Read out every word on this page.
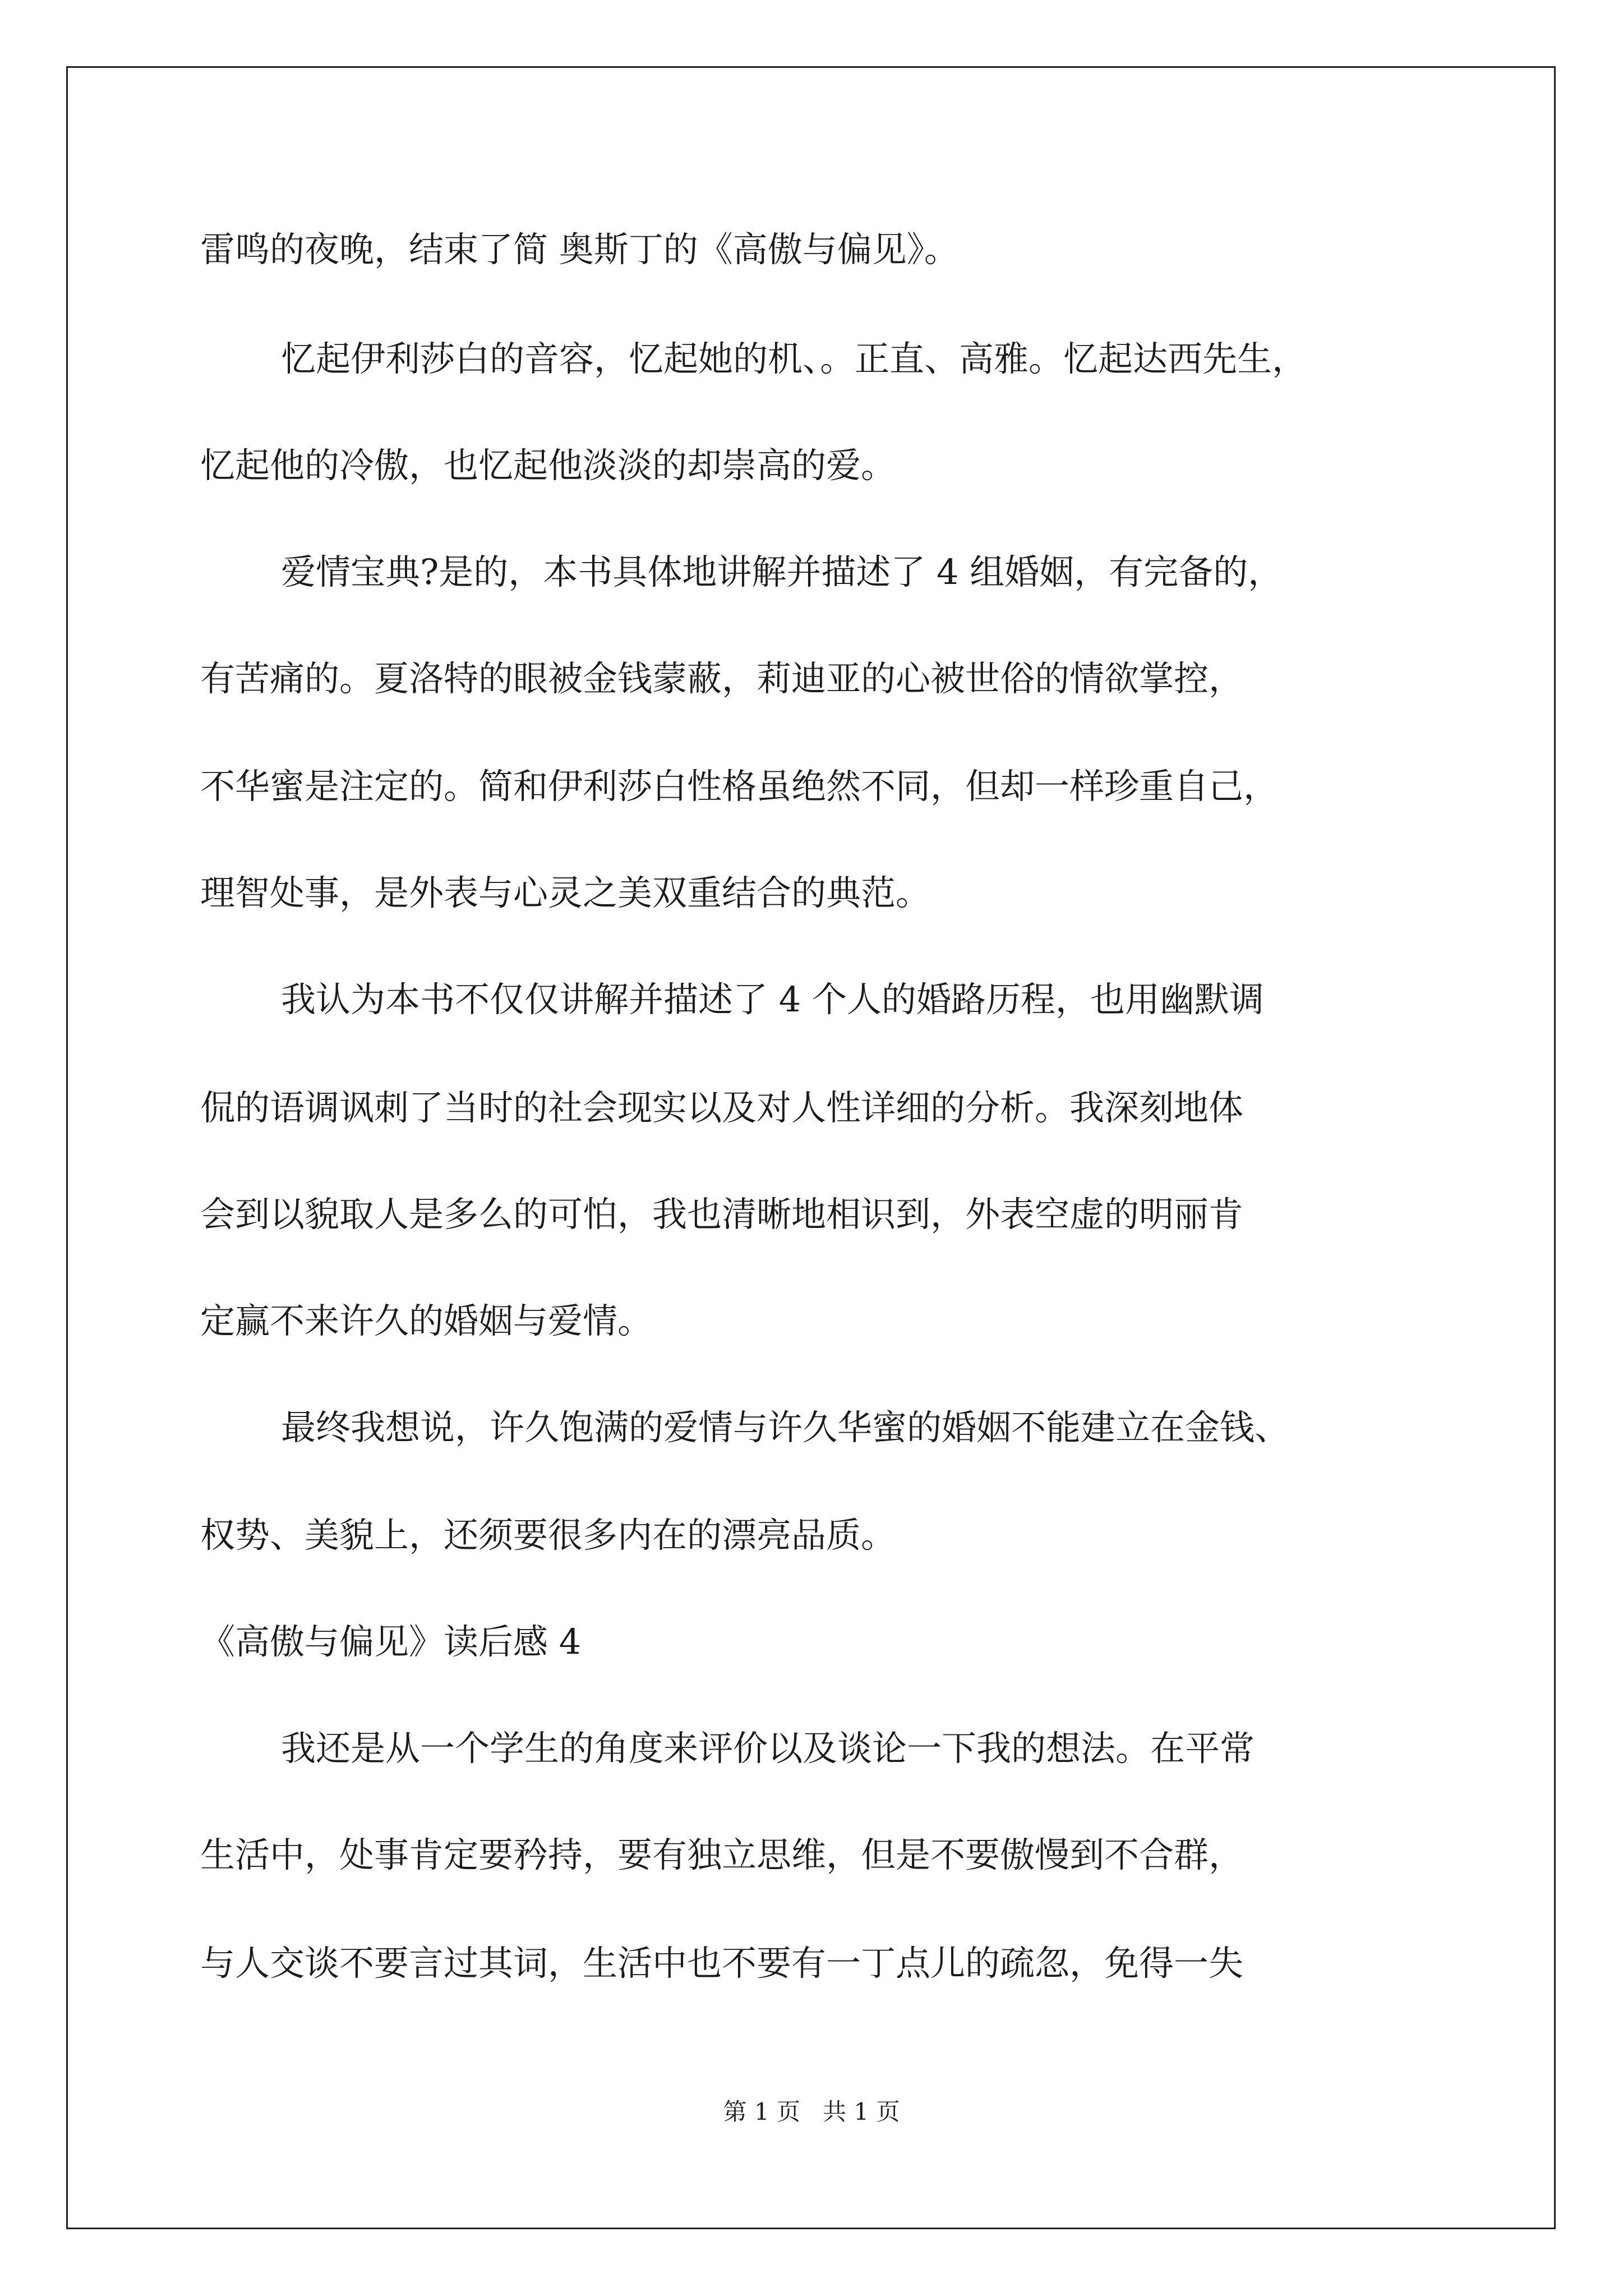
雷鸣的夜晚，结束了简 奥斯丁的《高傲与偏见》。
忆起伊利莎白的音容，忆起她的机、。正直、高雅。忆起达西先生，
忆起他的冷傲，也忆起他淡淡的却崇高的爱。
爱情宝典?是的，本书具体地讲解并描述了 4 组婚姻，有完备的，
有苦痛的。夏洛特的眼被金钱蒙蔽，莉迪亚的心被世俗的情欲掌控，
不华蜜是注定的。简和伊利莎白性格虽绝然不同，但却一样珍重自己，
理智处事，是外表与心灵之美双重结合的典范。
我认为本书不仅仅讲解并描述了 4 个人的婚路历程，也用幽默调
侃的语调讽刺了当时的社会现实以及对人性详细的分析。我深刻地体
会到以貌取人是多么的可怕，我也清晰地相识到，外表空虚的明丽肯
定赢不来许久的婚姻与爱情。
最终我想说，许久饱满的爱情与许久华蜜的婚姻不能建立在金钱、
权势、美貌上，还须要很多内在的漂亮品质。
《高傲与偏见》读后感 4
我还是从一个学生的角度来评价以及谈论一下我的想法。在平常
生活中，处事肯定要矜持，要有独立思维，但是不要傲慢到不合群，
与人交谈不要言过其词，生活中也不要有一丁点儿的疏忽，免得一失
第 1 页   共 1 页
